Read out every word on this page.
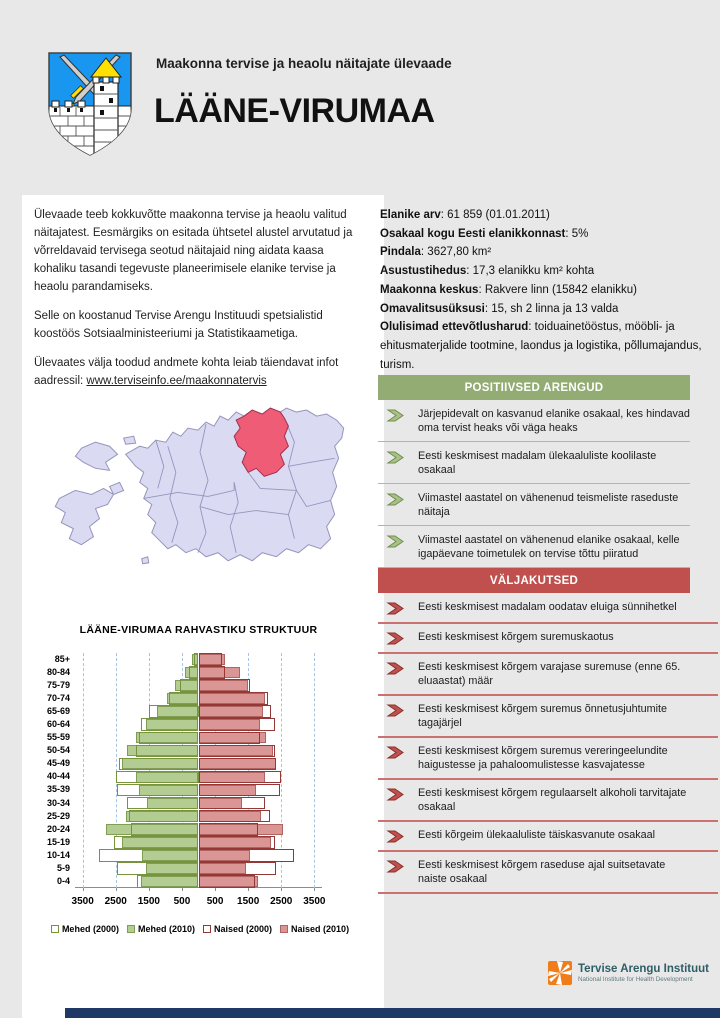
Maakonna tervise ja heaolu näitajate ülevaade
LÄÄNE-VIRUMAA

Ülevaade teeb kokkuvõtte maakonna tervise ja heaolu valitud näitajatest. Eesmärgiks on esitada ühtsetel alustel arvutatud ja võrreldavaid tervisega seotud näitajaid ning aidata kaasa kohaliku tasandi tegevuste planeerimisele elanike tervise ja heaolu parandamiseks.

Selle on koostanud Tervise Arengu Instituudi spetsialistid koostöös Sotsiaalministeeriumi ja Statistikaametiga.

Ülevaates välja toodud andmete kohta leiab täiendavat infot aadressil: www.terviseinfo.ee/maakonnatervis

Elanike arv: 61 859 (01.01.2011)
Osakaal kogu Eesti elanikkonnast: 5%
Pindala: 3627,80 km²
Asustustihedus: 17,3 elanikku km² kohta
Maakonna keskus: Rakvere linn (15842 elanikku)
Omavalitsusüksusi: 15, sh 2 linna ja 13 valda
Olulisimad ettevõtlusharud: toiduainetööstus, mööbli- ja ehitusmaterjalide tootmine, laondus ja logistika, põllumajandus, turism.
POSITIIVSED ARENGUD
Järjepidevalt on kasvanud elanike osakaal, kes hindavad oma tervist heaks või väga heaks
Eesti keskmisest madalam ülekaaluliste koolilaste osakaal
Viimastel aastatel on vähenenud teismeliste raseduste näitaja
Viimastel aastatel on vähenenud elanike osakaal, kelle igapäevane toimetulek on tervise tõttu piiratud
VÄLJAKUTSED
Eesti keskmisest madalam oodatav eluiga sünnihetkel
Eesti keskmisest kõrgem suremuskaotus
Eesti keskmisest kõrgem varajase suremuse (enne 65. eluaastat) määr
Eesti keskmisest kõrgem suremus õnnetusjuhtumite tagajärjel
Eesti keskmisest kõrgem suremus vereringeelundite haigustesse ja pahaloomulistesse kasvajatesse
Eesti keskmisest kõrgem regulaarselt alkoholi tarvitajate osakaal
Eesti kõrgeim ülekaaluliste täiskasvanute osakaal
Eesti keskmisest kõrgem raseduse ajal suitsetavate naiste osakaal
LÄÄNE-VIRUMAA RAHVASTIKU STRUKTUUR
85+
80-84
75-79
70-74
65-69
60-64
55-59
50-54
45-49
40-44
35-39
30-34
25-29
20-24
15-19
10-14
5-9
0-4
3500	2500	1500	500	500	1500	2500	3500
Mehed (2000) Mehed (2010) Naised (2000) Naised (2010)
Tervise Arengu Instituut
National Institute for Health Development
